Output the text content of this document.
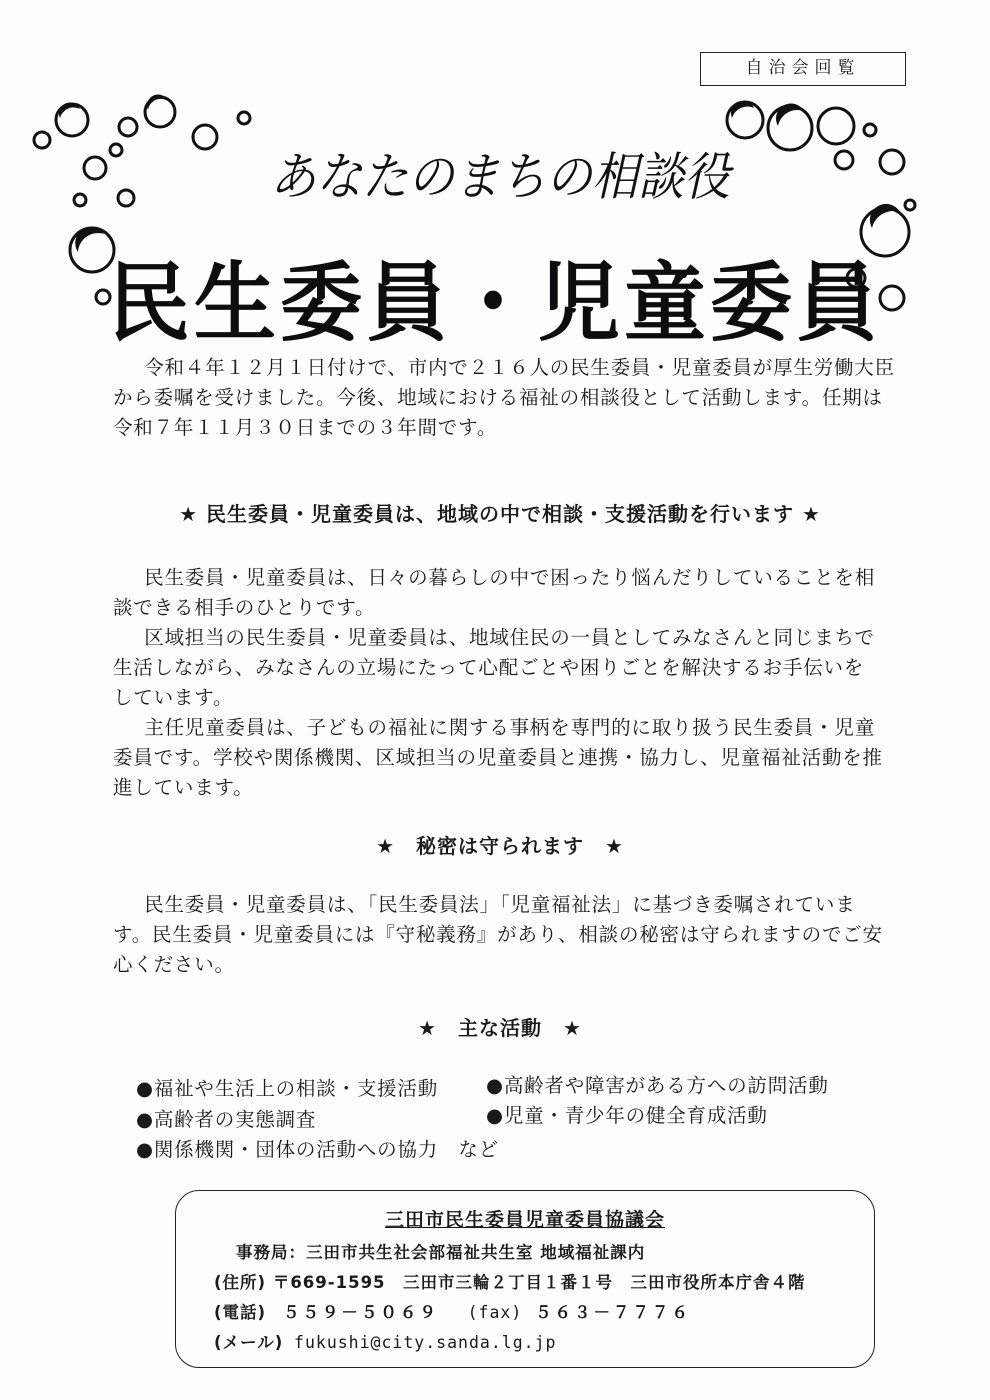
自治会回覧
あなたのまちの相談役
民生委員・児童委員

令和４年１２月１日付けで、市内で２１６人の民生委員・児童委員が厚生労働大臣から委嘱を受けました。今後、地域における福祉の相談役として活動します。任期は令和７年１１月３０日までの３年間です。

★ 民生委員・児童委員は、地域の中で相談・支援活動を行います ★

民生委員・児童委員は、日々の暮らしの中で困ったり悩んだりしていることを相談できる相手のひとりです。

区域担当の民生委員・児童委員は、地域住民の一員としてみなさんと同じまちで生活しながら、みなさんの立場にたって心配ごとや困りごとを解決するお手伝いをしています。

主任児童委員は、子どもの福祉に関する事柄を専門的に取り扱う民生委員・児童委員です。学校や関係機関、区域担当の児童委員と連携・協力し、児童福祉活動を推進しています。

★　秘密は守られます　★

民生委員・児童委員は、「民生委員法」「児童福祉法」に基づき委嘱されています。民生委員・児童委員には『守秘義務』があり、相談の秘密は守られますのでご安心ください。

★　主な活動　★
●福祉や生活上の相談・支援活動 ●高齢者や障害がある方への訪問活動
●高齢者の実態調査	●児童・青少年の健全育成活動
●関係機関・団体の活動への協力　など
三田市民生委員児童委員協議会
事務局：三田市共生社会部福祉共生室 地域福祉課内
(住所) 〒669-1595　三田市三輪２丁目１番１号　三田市役所本庁舎４階
(電話) ５５９－５０６９ (fax) ５６３－７７７６
(メール) fukushi@city.sanda.lg.jp
